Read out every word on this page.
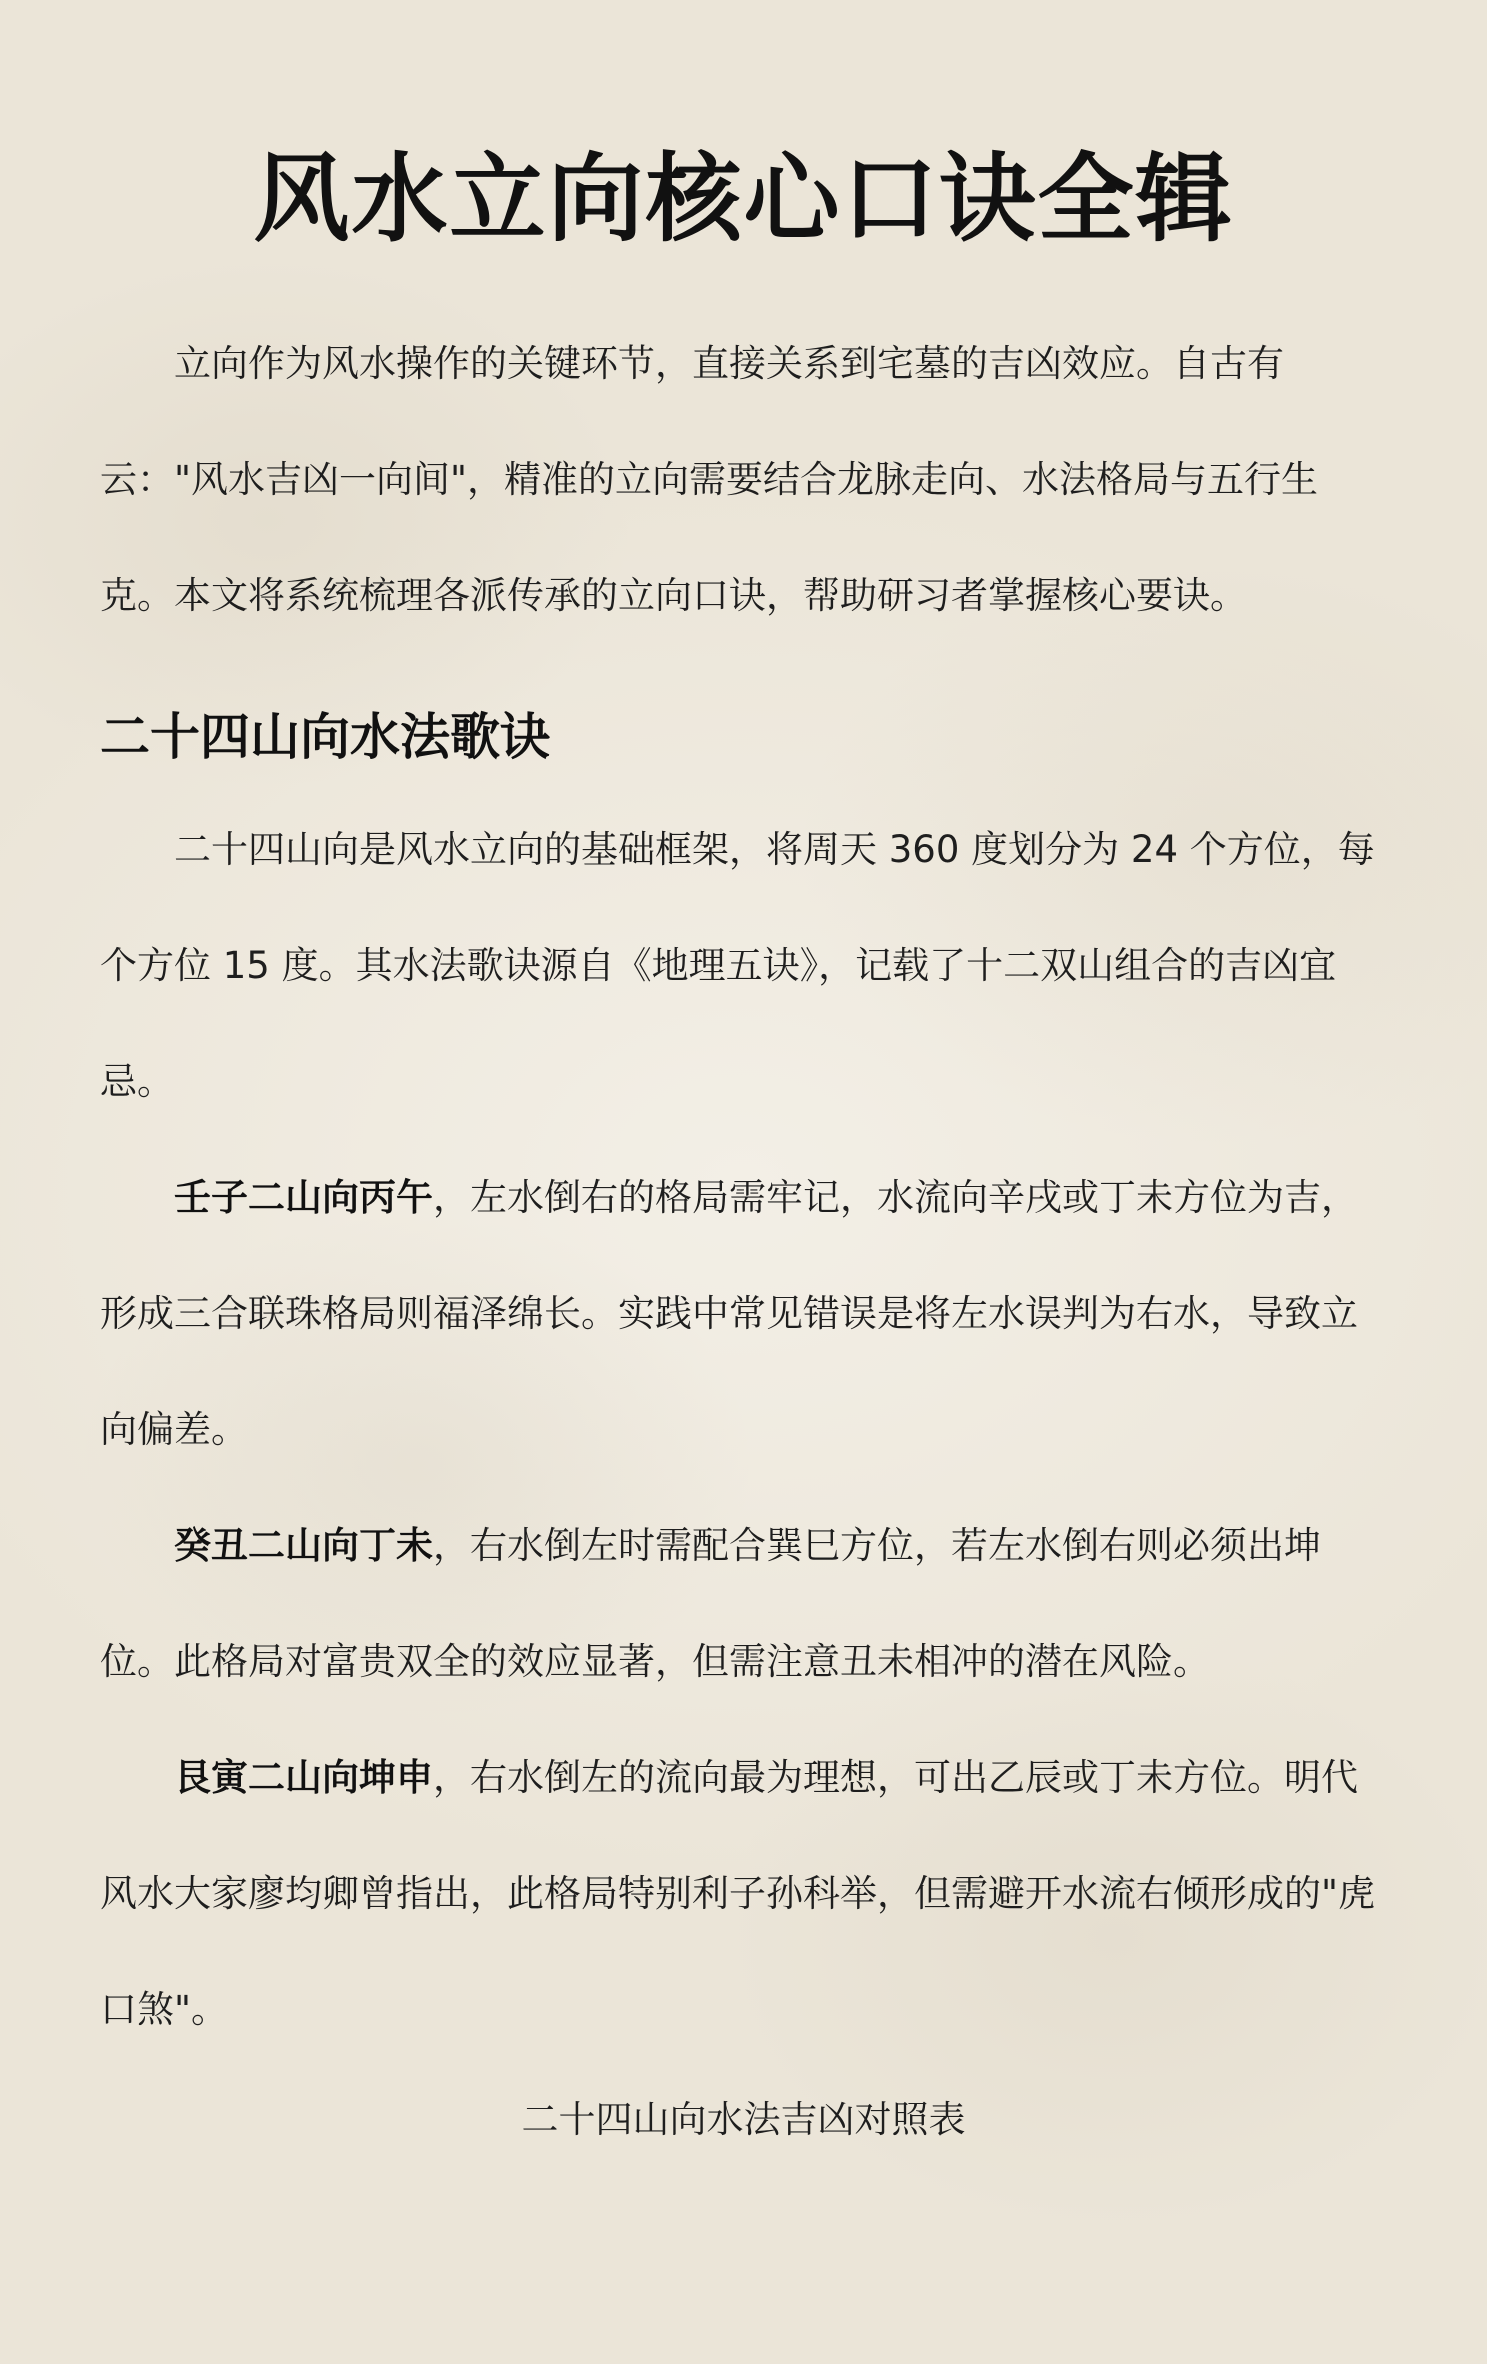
风水立向核心口诀全辑

立向作为风水操作的关键环节，直接关系到宅墓的吉凶效应。自古有云："风水吉凶一向间"，精准的立向需要结合龙脉走向、水法格局与五行生克。本文将系统梳理各派传承的立向口诀，帮助研习者掌握核心要诀。

二十四山向水法歌诀

二十四山向是风水立向的基础框架，将周天 360 度划分为 24 个方位，每个方位 15 度。其水法歌诀源自《地理五诀》，记载了十二双山组合的吉凶宜忌。

壬子二山向丙午，左水倒右的格局需牢记，水流向辛戌或丁未方位为吉，形成三合联珠格局则福泽绵长。实践中常见错误是将左水误判为右水，导致立向偏差。

癸丑二山向丁未，右水倒左时需配合巽巳方位，若左水倒右则必须出坤位。此格局对富贵双全的效应显著，但需注意丑未相冲的潜在风险。

艮寅二山向坤申，右水倒左的流向最为理想，可出乙辰或丁未方位。明代风水大家廖均卿曾指出，此格局特别利子孙科举，但需避开水流右倾形成的"虎口煞"。

二十四山向水法吉凶对照表
